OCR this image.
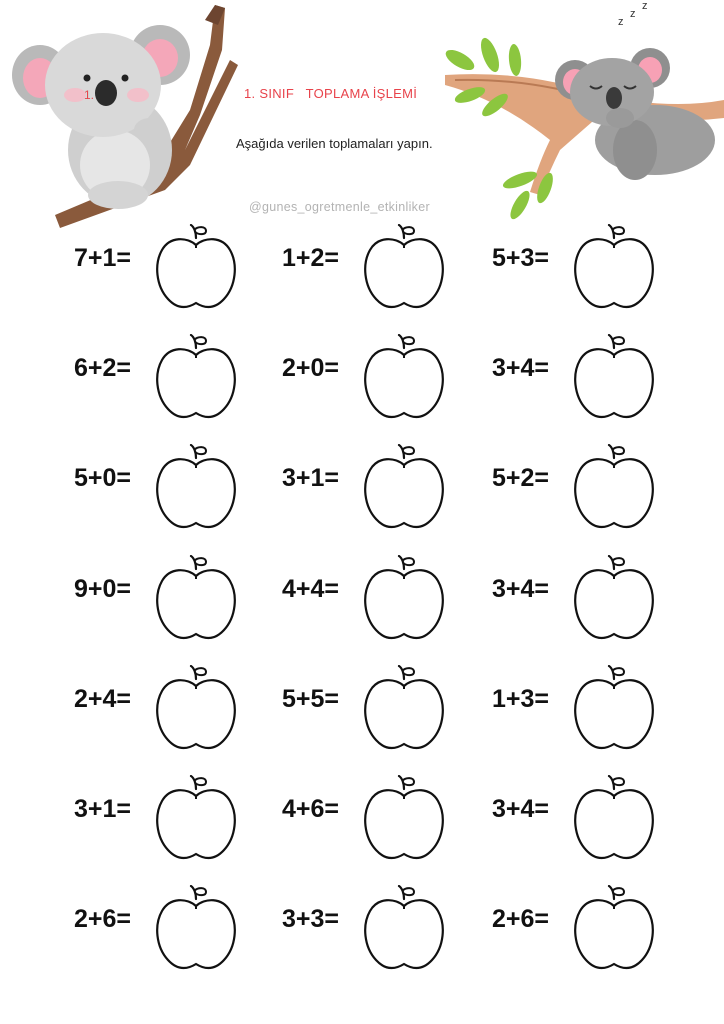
1.	1. SINIF   TOPLAMA İŞLEMİ
Aşağıda verilen toplamaları yapın.
@gunes_ogretmenle_etkinliker
z
z
z
7+1=	1+2=	5+3=
6+2=	2+0=	3+4=
5+0=	3+1=	5+2=
9+0=	4+4=	3+4=
2+4=	5+5=	1+3=
3+1=	4+6=	3+4=
2+6=	3+3=	2+6=
